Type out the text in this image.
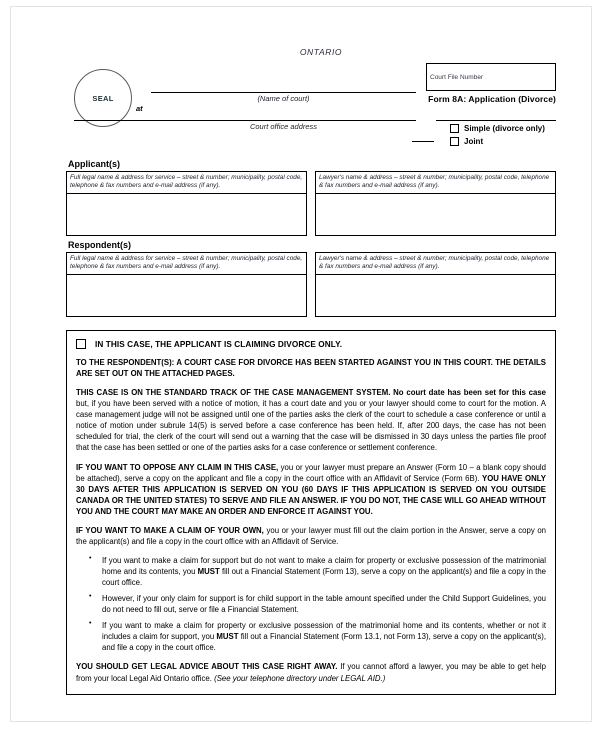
ONTARIO
SEAL
at
(Name of court)
Court office address
Court File Number
Form 8A: Application (Divorce)
Simple (divorce only)
Joint
Applicant(s)
Full legal name & address for service – street & number; municipality, postal code, telephone & fax numbers and e-mail address (if any).
Lawyer's name & address – street & number; municipality, postal code, telephone & fax numbers and e-mail address (if any).
Respondent(s)
Full legal name & address for service – street & number; municipality, postal code, telephone & fax numbers and e-mail address (if any).
Lawyer's name & address – street & number; municipality, postal code, telephone & fax numbers and e-mail address (if any).
IN THIS CASE, THE APPLICANT IS CLAIMING DIVORCE ONLY.

TO THE RESPONDENT(S): A COURT CASE FOR DIVORCE HAS BEEN STARTED AGAINST YOU IN THIS COURT. THE DETAILS ARE SET OUT ON THE ATTACHED PAGES.

THIS CASE IS ON THE STANDARD TRACK OF THE CASE MANAGEMENT SYSTEM. No court date has been set for this case but, if you have been served with a notice of motion, it has a court date and you or your lawyer should come to court for the motion. A case management judge will not be assigned until one of the parties asks the clerk of the court to schedule a case conference or until a notice of motion under subrule 14(5) is served before a case conference has been held. If, after 200 days, the case has not been scheduled for trial, the clerk of the court will send out a warning that the case will be dismissed in 30 days unless the parties file proof that the case has been settled or one of the parties asks for a case conference or settlement conference.

IF YOU WANT TO OPPOSE ANY CLAIM IN THIS CASE, you or your lawyer must prepare an Answer (Form 10 – a blank copy should be attached), serve a copy on the applicant and file a copy in the court office with an Affidavit of Service (Form 6B). YOU HAVE ONLY 30 DAYS AFTER THIS APPLICATION IS SERVED ON YOU (60 DAYS IF THIS APPLICATION IS SERVED ON YOU OUTSIDE CANADA OR THE UNITED STATES) TO SERVE AND FILE AN ANSWER. IF YOU DO NOT, THE CASE WILL GO AHEAD WITHOUT YOU AND THE COURT MAY MAKE AN ORDER AND ENFORCE IT AGAINST YOU.

IF YOU WANT TO MAKE A CLAIM OF YOUR OWN, you or your lawyer must fill out the claim portion in the Answer, serve a copy on the applicant(s) and file a copy in the court office with an Affidavit of Service.

• If you want to make a claim for support but do not want to make a claim for property or exclusive possession of the matrimonial home and its contents, you MUST fill out a Financial Statement (Form 13), serve a copy on the applicant(s) and file a copy in the court office.
• However, if your only claim for support is for child support in the table amount specified under the Child Support Guidelines, you do not need to fill out, serve or file a Financial Statement.
• If you want to make a claim for property or exclusive possession of the matrimonial home and its contents, whether or not it includes a claim for support, you MUST fill out a Financial Statement (Form 13.1, not Form 13), serve a copy on the applicant(s), and file a copy in the court office.

YOU SHOULD GET LEGAL ADVICE ABOUT THIS CASE RIGHT AWAY. If you cannot afford a lawyer, you may be able to get help from your local Legal Aid Ontario office. (See your telephone directory under LEGAL AID.)
